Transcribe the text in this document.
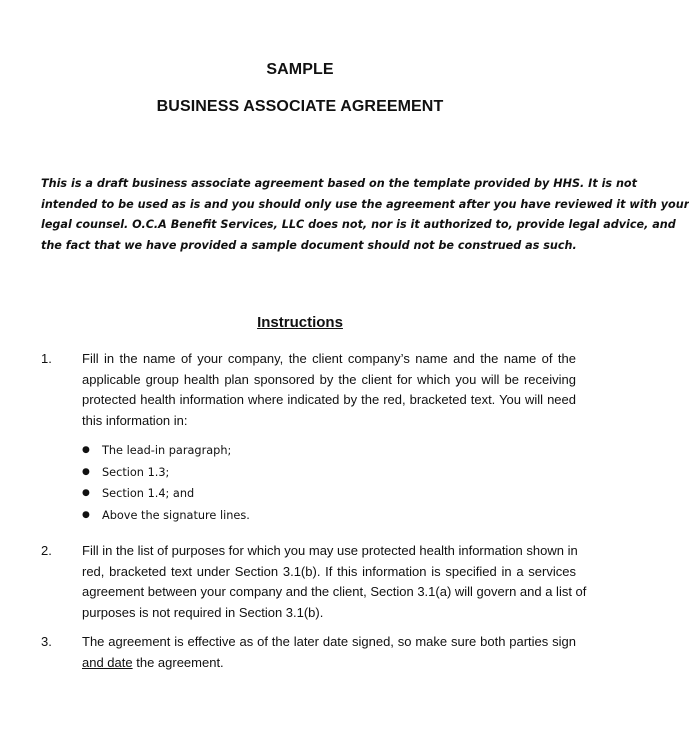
SAMPLE
BUSINESS ASSOCIATE AGREEMENT
This is a draft business associate agreement based on the template provided by HHS. It is not
intended to be used as is and you should only use the agreement after you have reviewed it with your
legal counsel. O.C.A Benefit Services, LLC does not, nor is it authorized to, provide legal advice, and
the fact that we have provided a sample document should not be construed as such.
Instructions
1. Fill in the name of your company, the client company’s name and the name of the
applicable group health plan sponsored by the client for which you will be receiving
protected health information where indicated by the red, bracketed text. You will need
this information in:
● The lead-in paragraph;
● Section 1.3;
● Section 1.4; and
● Above the signature lines.
2. Fill in the list of purposes for which you may use protected health information shown in
red, bracketed text under Section 3.1(b). If this information is specified in a services
agreement between your company and the client, Section 3.1(a) will govern and a list of
purposes is not required in Section 3.1(b).
3. The agreement is effective as of the later date signed, so make sure both parties sign
and date the agreement.
